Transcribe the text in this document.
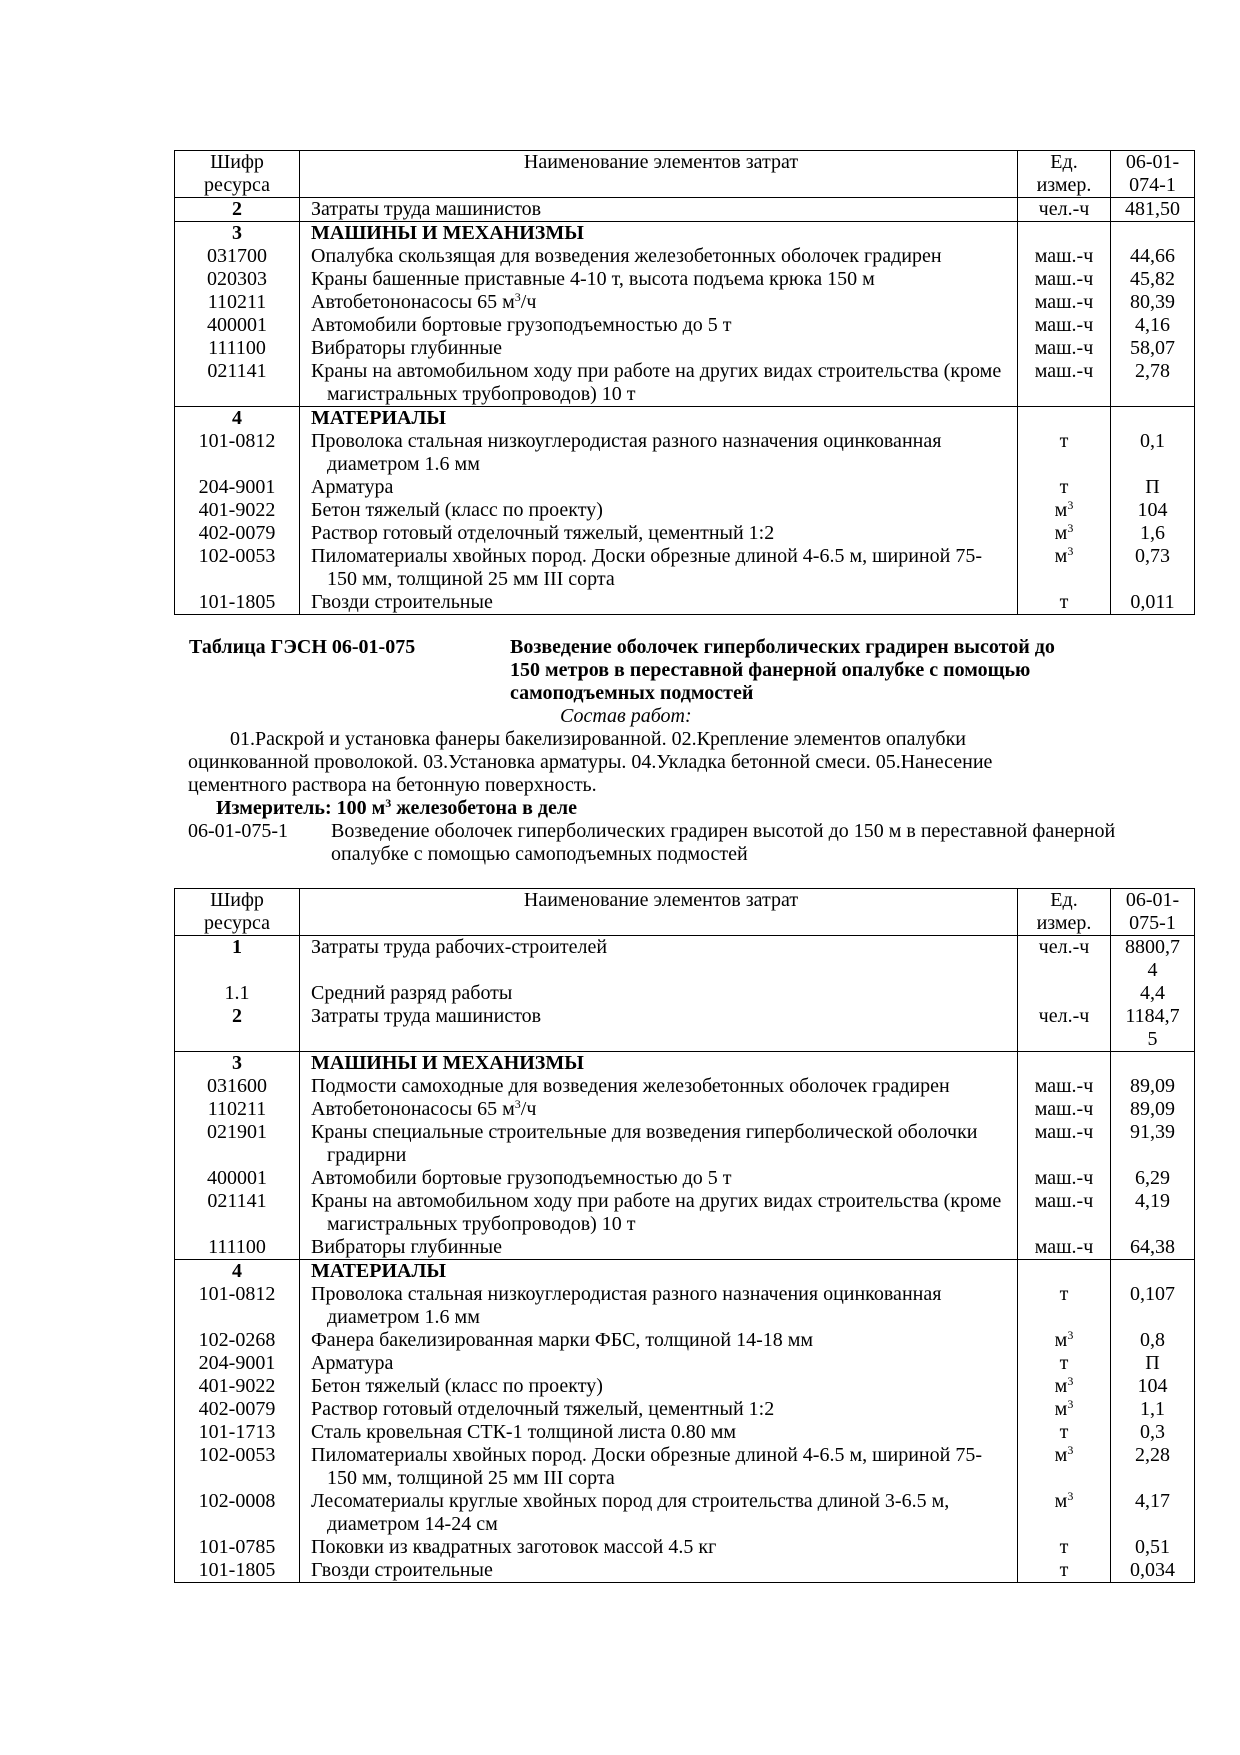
Шифр ресурса	Наименование элементов затрат	Ед. измер.	06-01-074-1
2	Затраты труда машинистов	чел.-ч	481,50
3	МАШИНЫ И МЕХАНИЗМЫ		

031700	Опалубка скользящая для возведения железобетонных оболочек градирен	маш.-ч	44,66
020303	Краны башенные приставные 4-10 т, высота подъема крюка 150 м	маш.-ч	45,82
110211	Автобетононасосы 65 $м^3/ч$	маш.-ч	80,39
400001	Автомобили бортовые грузоподъемностью до 5 т	маш.-ч	4,16
111100	Вибраторы глубинные	маш.-ч	58,07
021141	Краны на автомобильном ходу при работе на других видах строительства (кроме магистральных трубопроводов) 10 т	маш.-ч	2,78
4	МАТЕРИАЛЫ		

101-0812	Проволока стальная низкоуглеродистая разного назначения оцинкованная диаметром 1.6 мм	т	0,1
204-9001	Арматура	т	П
401-9022	Бетон тяжелый (класс по проекту)	$м^3$	104
402-0079	Раствор готовый отделочный тяжелый, цементный 1:2	$м^3$	1,6
102-0053	Пиломатериалы хвойных пород. Доски обрезные длиной 4-6.5 м, шириной 75-150 мм, толщиной 25 мм III сорта	$м^3$	0,73
101-1805	Гвозди строительные	т	0,011
Таблица ГЭСН 06-01-075	Возведение оболочек гиперболических градирен высотой до 150 метров в переставной фанерной опалубке с помощью самоподъемных подмостей
Состав работ:
01.Раскрой и установка фанеры бакелизированной. 02.Крепление элементов опалубки оцинкованной проволокой. 03.Установка арматуры. 04.Укладка бетонной смеси. 05.Нанесение цементного раствора на бетонную поверхность.
Измеритель: 100 $м^3$ железобетона в деле
06-01-075-1 Возведение оболочек гиперболических градирен высотой до 150 м в переставной фанерной опалубке с помощью самоподъемных подмостей
Шифр ресурса	Наименование элементов затрат	Ед. измер.	06-01-075-1
1	Затраты труда рабочих-строителей	чел.-ч	8800,74
1.1	Средний разряд работы		4,4
2	Затраты труда машинистов	чел.-ч	1184,75
3	МАШИНЫ И МЕХАНИЗМЫ		

031600	Подмости самоходные для возведения железобетонных оболочек градирен	маш.-ч	89,09
110211	Автобетононасосы 65 $м^3/ч$	маш.-ч	89,09
021901	Краны специальные строительные для возведения гиперболической оболочки градирни	маш.-ч	91,39
400001	Автомобили бортовые грузоподъемностью до 5 т	маш.-ч	6,29
021141	Краны на автомобильном ходу при работе на других видах строительства (кроме магистральных трубопроводов) 10 т	маш.-ч	4,19
111100	Вибраторы глубинные	маш.-ч	64,38
4	МАТЕРИАЛЫ		

101-0812	Проволока стальная низкоуглеродистая разного назначения оцинкованная диаметром 1.6 мм	т	0,107
102-0268	Фанера бакелизированная марки ФБС, толщиной 14-18 мм	$м^3$	0,8
204-9001	Арматура	т	П
401-9022	Бетон тяжелый (класс по проекту)	$м^3$	104
402-0079	Раствор готовый отделочный тяжелый, цементный 1:2	$м^3$	1,1
101-1713	Сталь кровельная СТК-1 толщиной листа 0.80 мм	т	0,3
102-0053	Пиломатериалы хвойных пород. Доски обрезные длиной 4-6.5 м, шириной 75-150 мм, толщиной 25 мм III сорта	$м^3$	2,28
102-0008	Лесоматериалы круглые хвойных пород для строительства длиной 3-6.5 м, диаметром 14-24 см	$м^3$	4,17
101-0785	Поковки из квадратных заготовок массой 4.5 кг	т	0,51
101-1805	Гвозди строительные	т	0,034
